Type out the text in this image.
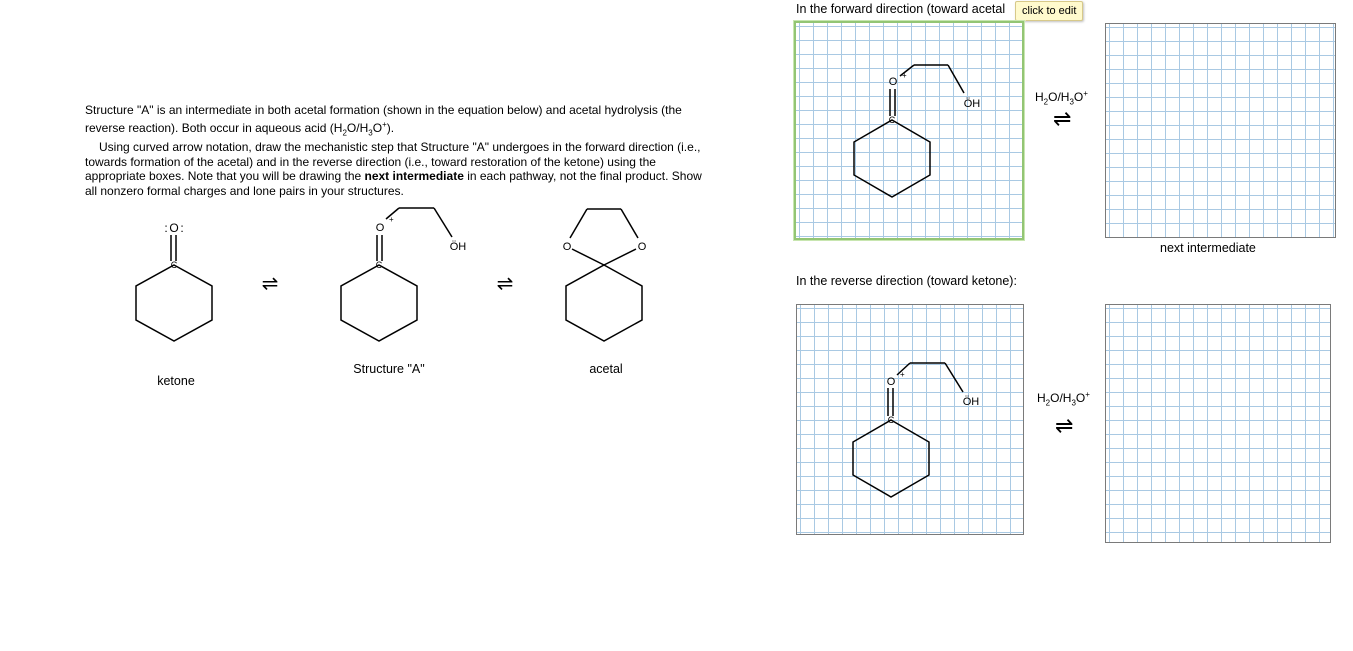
Structure "A" is an intermediate in both acetal formation (shown in the equation below) and acetal hydrolysis (the reverse reaction). Both occur in aqueous acid $(H_2O/H_3O^+)$.

Using curved arrow notation, draw the mechanistic step that Structure "A" undergoes in the forward direction (i.e., towards formation of the acetal) and in the reverse direction (i.e., toward restoration of the ketone) using the appropriate boxes. Note that you will be drawing the next intermediate in each pathway, not the final product. Show all nonzero formal charges and lone pairs in your structures.

C
O
: :
ketone
⇌
C
O
+
ÖH
Structure "A"
⇌
O	O
acetal
In the forward direction (toward acetal	click to edit
C
O
+
ÖH	$H_2O/H_3O^+$
⇌
next intermediate
In the reverse direction (toward ketone):
C
O
+
ÖH	$H_2O/H_3O^+$
⇌
